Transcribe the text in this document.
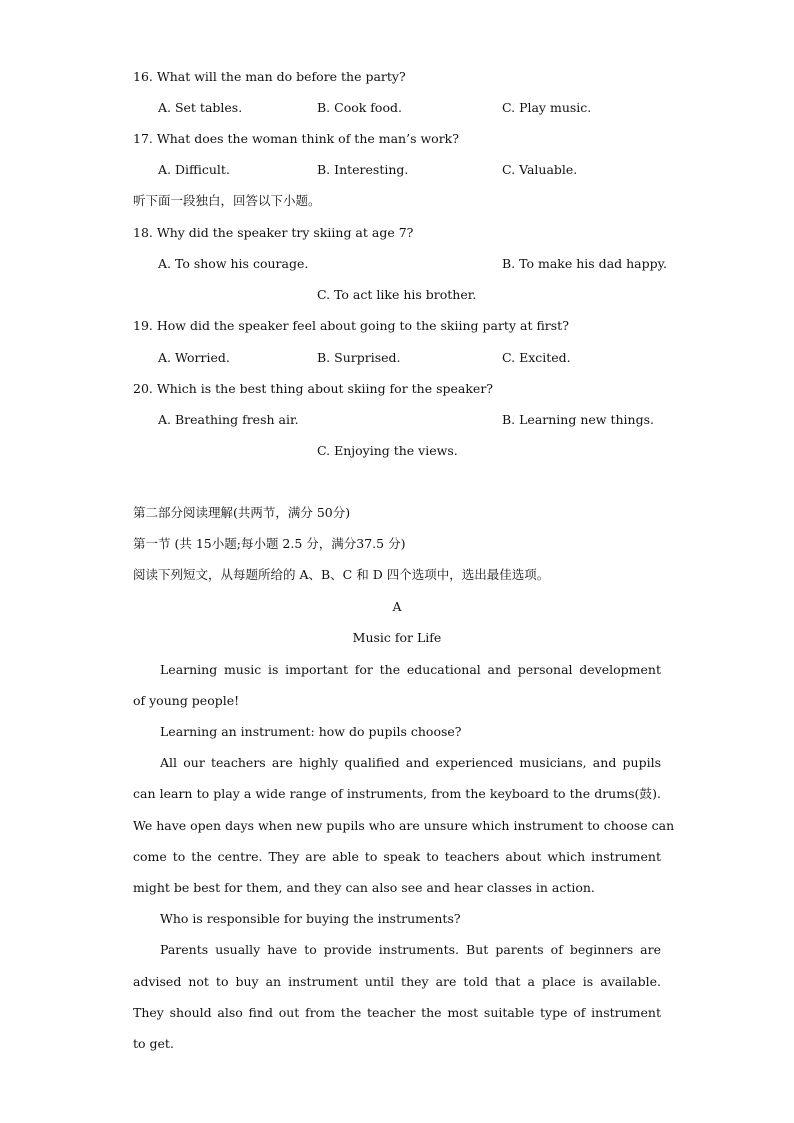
16. What will the man do before the party?
A. Set tables.	B. Cook food.	C. Play music.
17. What does the woman think of the man’s work?
A. Difficult.	B. Interesting.	C. Valuable.
听下面一段独白，回答以下小题。
18. Why did the speaker try skiing at age 7?
A. To show his courage.	B. To make his dad happy.
C. To act like his brother.
19. How did the speaker feel about going to the skiing party at first?
A. Worried.	B. Surprised.	C. Excited.
20. Which is the best thing about skiing for the speaker?
A. Breathing fresh air.	B. Learning new things.
C. Enjoying the views.
第二部分阅读理解(共两节，满分 50分)
第一节 (共 15小题;每小题 2.5 分，满分37.5 分)
阅读下列短文，从每题所给的 A、B、C 和 D 四个选项中，选出最佳选项。
A
Music for Life
Learning music is important for the educational and personal development
of young people!
Learning an instrument: how do pupils choose?
All our teachers are highly qualified and experienced musicians, and pupils
can learn to play a wide range of instruments, from the keyboard to the drums(鼓).
We have open days when new pupils who are unsure which instrument to choose can
come to the centre. They are able to speak to teachers about which instrument
might be best for them, and they can also see and hear classes in action.
Who is responsible for buying the instruments?
Parents usually have to provide instruments. But parents of beginners are
advised not to buy an instrument until they are told that a place is available.
They should also find out from the teacher the most suitable type of instrument
to get.
